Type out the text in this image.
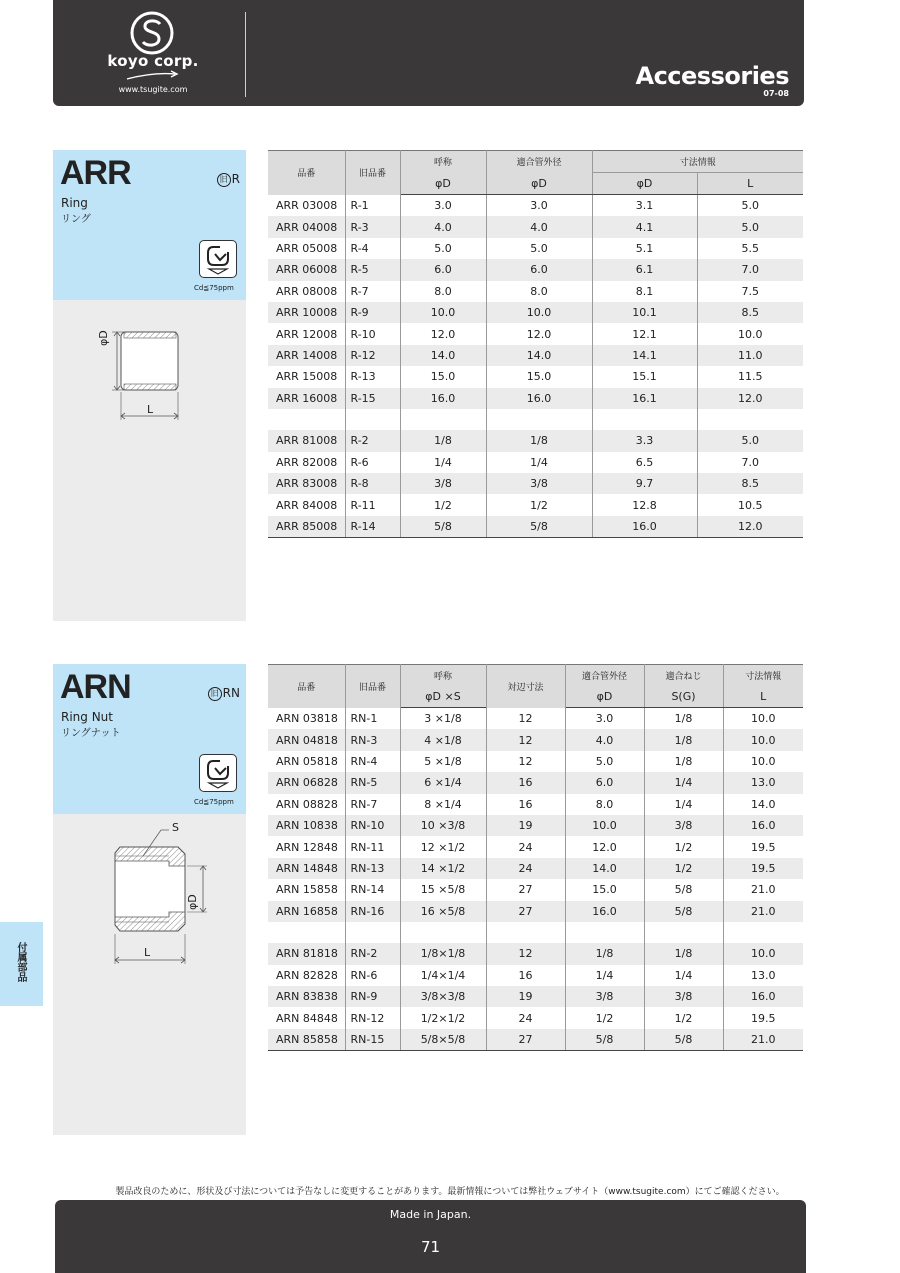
koyo corp.
www.tsugite.com	Accessories
07-08
ARR	旧 R
Ring
リング
Cd≦75ppm
φD
L
品番	旧品番	呼称	適合管外径	寸法情報	
		φD	φD	φD	L
ARR 03008	R-1	3.0	3.0	3.1	5.0
ARR 04008	R-3	4.0	4.0	4.1	5.0
ARR 05008	R-4	5.0	5.0	5.1	5.5
ARR 06008	R-5	6.0	6.0	6.1	7.0
ARR 08008	R-7	8.0	8.0	8.1	7.5
ARR 10008	R-9	10.0	10.0	10.1	8.5
ARR 12008	R-10	12.0	12.0	12.1	10.0
ARR 14008	R-12	14.0	14.0	14.1	11.0
ARR 15008	R-13	15.0	15.0	15.1	11.5
ARR 16008	R-15	16.0	16.0	16.1	12.0

ARR 81008	R-2	1/8	1/8	3.3	5.0
ARR 82008	R-6	1/4	1/4	6.5	7.0
ARR 83008	R-8	3/8	3/8	9.7	8.5
ARR 84008	R-11	1/2	1/2	12.8	10.5
ARR 85008	R-14	5/8	5/8	16.0	12.0
ARN	旧 RN
Ring Nut
リングナット
Cd≦75ppm
S
φD
L
品番	旧品番	呼称	対辺寸法	適合管外径	適合ねじ	寸法情報
		φD ×S		φD	S(G)	L
ARN 03818	RN-1	3 ×1/8	12	3.0	1/8	10.0
ARN 04818	RN-3	4 ×1/8	12	4.0	1/8	10.0
ARN 05818	RN-4	5 ×1/8	12	5.0	1/8	10.0
ARN 06828	RN-5	6 ×1/4	16	6.0	1/4	13.0
ARN 08828	RN-7	8 ×1/4	16	8.0	1/4	14.0
ARN 10838	RN-10	10 ×3/8	19	10.0	3/8	16.0
ARN 12848	RN-11	12 ×1/2	24	12.0	1/2	19.5
ARN 14848	RN-13	14 ×1/2	24	14.0	1/2	19.5
ARN 15858	RN-14	15 ×5/8	27	15.0	5/8	21.0
ARN 16858	RN-16	16 ×5/8	27	16.0	5/8	21.0

ARN 81818	RN-2	1/8×1/8	12	1/8	1/8	10.0
ARN 82828	RN-6	1/4×1/4	16	1/4	1/4	13.0
ARN 83838	RN-9	3/8×3/8	19	3/8	3/8	16.0
ARN 84848	RN-12	1/2×1/2	24	1/2	1/2	19.5
ARN 85858	RN-15	5/8×5/8	27	5/8	5/8	21.0
付属部品
製品改良のために、形状及び寸法については予告なしに変更することがあります。最新情報については弊社ウェブサイト（www.tsugite.com）にてご確認ください。
Made in Japan.
71
